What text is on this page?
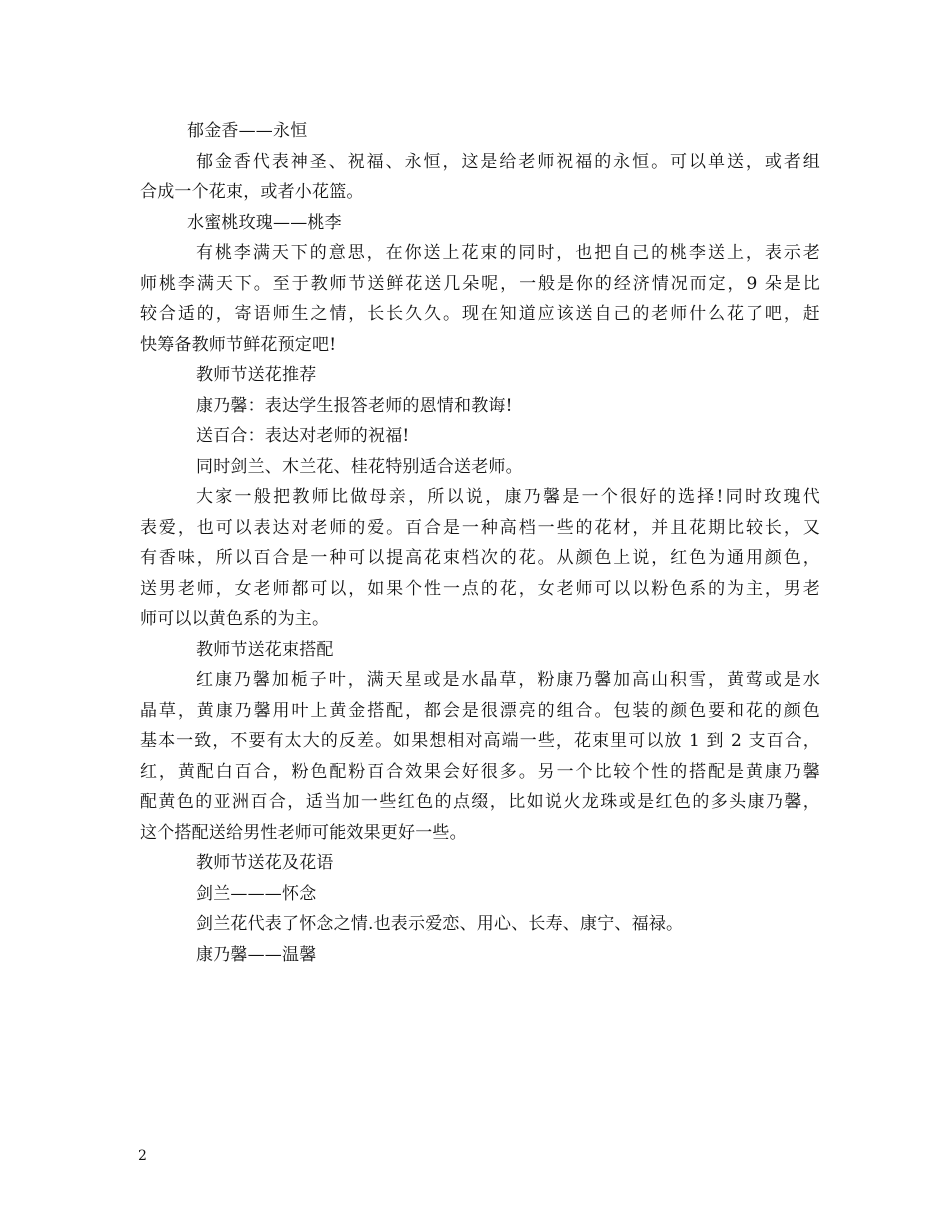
郁金香——永恒
郁金香代表神圣、祝福、永恒，这是给老师祝福的永恒。可以单送，或者组
合成一个花束，或者小花篮。
水蜜桃玫瑰——桃李
有桃李满天下的意思，在你送上花束的同时，也把自己的桃李送上，表示老
师桃李满天下。至于教师节送鲜花送几朵呢，一般是你的经济情况而定，9 朵是比
较合适的，寄语师生之情，长长久久。现在知道应该送自己的老师什么花了吧，赶
快筹备教师节鲜花预定吧!
教师节送花推荐
康乃馨：表达学生报答老师的恩情和教诲!
送百合：表达对老师的祝福!
同时剑兰、木兰花、桂花特别适合送老师。
大家一般把教师比做母亲，所以说，康乃馨是一个很好的选择!同时玫瑰代
表爱，也可以表达对老师的爱。百合是一种高档一些的花材，并且花期比较长，又
有香味，所以百合是一种可以提高花束档次的花。从颜色上说，红色为通用颜色，
送男老师，女老师都可以，如果个性一点的花，女老师可以以粉色系的为主，男老
师可以以黄色系的为主。
教师节送花束搭配
红康乃馨加栀子叶，满天星或是水晶草，粉康乃馨加高山积雪，黄莺或是水
晶草，黄康乃馨用叶上黄金搭配，都会是很漂亮的组合。包装的颜色要和花的颜色
基本一致，不要有太大的反差。如果想相对高端一些，花束里可以放 1 到 2 支百合，
红，黄配白百合，粉色配粉百合效果会好很多。另一个比较个性的搭配是黄康乃馨
配黄色的亚洲百合，适当加一些红色的点缀，比如说火龙珠或是红色的多头康乃馨，
这个搭配送给男性老师可能效果更好一些。
教师节送花及花语
剑兰———怀念
剑兰花代表了怀念之情.也表示爱恋、用心、长寿、康宁、福禄。
康乃馨——温馨
2
